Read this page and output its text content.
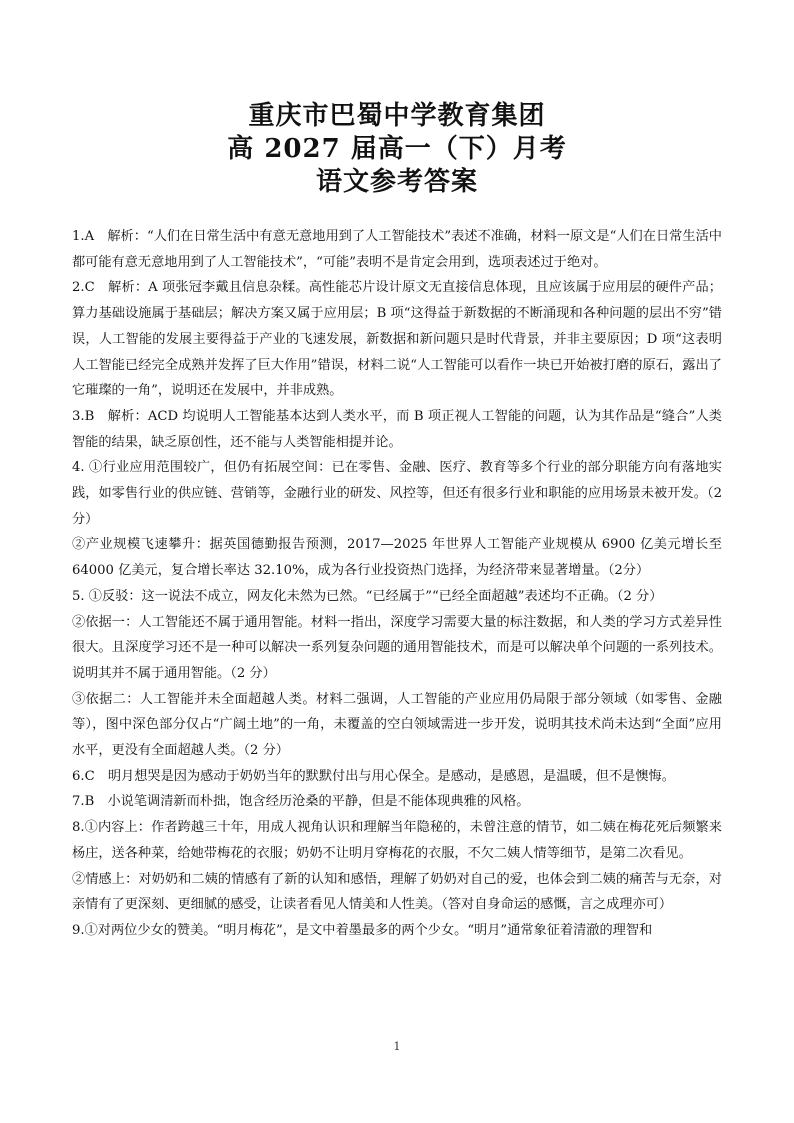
重庆市巴蜀中学教育集团

高 2027 届高一（下）月考

语文参考答案

1.A　解析：“人们在日常生活中有意无意地用到了人工智能技术”表述不准确，材料一原文是“人们在日常生活中都可能有意无意地用到了人工智能技术”，“可能”表明不是肯定会用到，选项表述过于绝对。

2.C　解析：A 项张冠李戴且信息杂糅。高性能芯片设计原文无直接信息体现，且应该属于应用层的硬件产品；算力基础设施属于基础层；解决方案又属于应用层；B 项“这得益于新数据的不断涌现和各种问题的层出不穷”错误，人工智能的发展主要得益于产业的飞速发展，新数据和新问题只是时代背景，并非主要原因；D 项“这表明人工智能已经完全成熟并发挥了巨大作用”错误，材料二说“人工智能可以看作一块已开始被打磨的原石，露出了它璀璨的一角”，说明还在发展中，并非成熟。

3.B　解析：ACD 均说明人工智能基本达到人类水平，而 B 项正视人工智能的问题，认为其作品是“缝合”人类智能的结果，缺乏原创性，还不能与人类智能相提并论。

4. ①行业应用范围较广，但仍有拓展空间：已在零售、金融、医疗、教育等多个行业的部分职能方向有落地实践，如零售行业的供应链、营销等，金融行业的研发、风控等，但还有很多行业和职能的应用场景未被开发。（2 分）

②产业规模飞速攀升：据英国德勤报告预测，2017—2025 年世界人工智能产业规模从 6900 亿美元增长至 64000 亿美元，复合增长率达 32.10%，成为各行业投资热门选择，为经济带来显著增量。（2分）

5. ①反驳：这一说法不成立，网友化未然为已然。“已经属于”“已经全面超越”表述均不正确。（2 分）

②依据一：人工智能还不属于通用智能。材料一指出，深度学习需要大量的标注数据，和人类的学习方式差异性很大。且深度学习还不是一种可以解决一系列复杂问题的通用智能技术，而是可以解决单个问题的一系列技术。说明其并不属于通用智能。（2 分）

③依据二：人工智能并未全面超越人类。材料二强调，人工智能的产业应用仍局限于部分领域（如零售、金融等），图中深色部分仅占“广阔土地”的一角，未覆盖的空白领域需进一步开发，说明其技术尚未达到“全面”应用水平，更没有全面超越人类。（2 分）

6.C　明月想哭是因为感动于奶奶当年的默默付出与用心保全。是感动，是感恩，是温暖，但不是懊悔。

7.B　小说笔调清新而朴拙，饱含经历沧桑的平静，但是不能体现典雅的风格。

8.①内容上：作者跨越三十年，用成人视角认识和理解当年隐秘的，未曾注意的情节，如二姨在梅花死后频繁来杨庄，送各种菜，给她带梅花的衣服；奶奶不让明月穿梅花的衣服，不欠二姨人情等细节，是第二次看见。

②情感上：对奶奶和二姨的情感有了新的认知和感悟，理解了奶奶对自己的爱，也体会到二姨的痛苦与无奈，对亲情有了更深刻、更细腻的感受，让读者看见人情美和人性美。（答对自身命运的感慨，言之成理亦可）

9.①对两位少女的赞美。“明月梅花”，是文中着墨最多的两个少女。“明月”通常象征着清澈的理智和

1
